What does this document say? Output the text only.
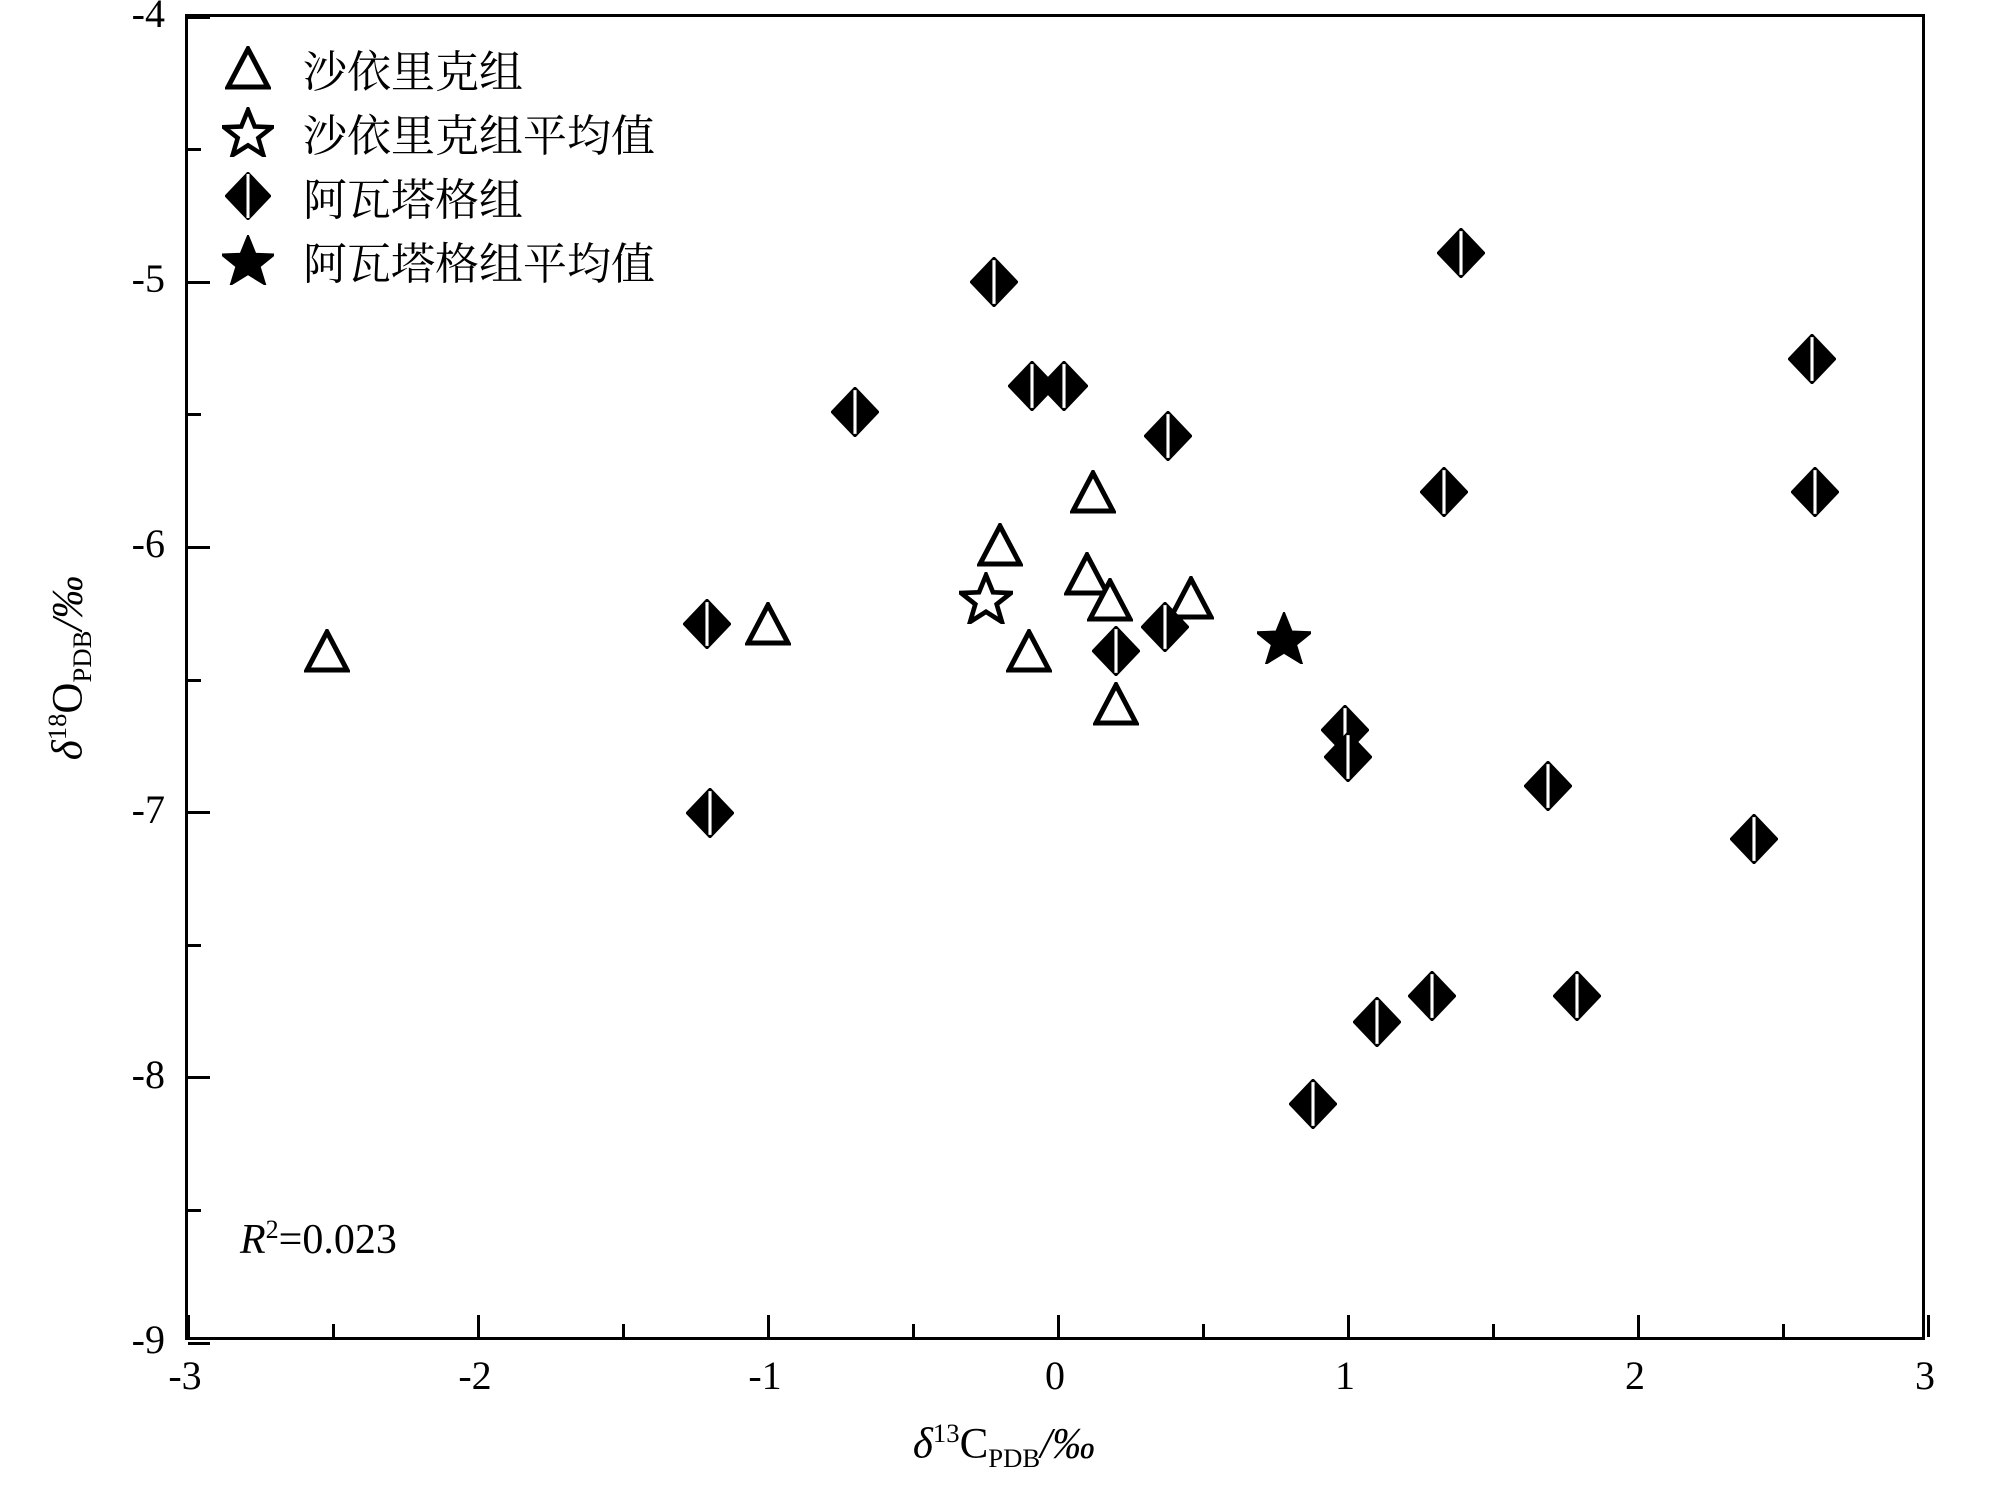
$\delta^{13}C_{PDB}/‰$
$\delta^{18}O_{PDB}/‰$
沙依里克组
沙依里克组平均值
阿瓦塔格组
阿瓦塔格组平均值
$R^2=0.023$
-9
-8
-7
-6
-5
-4
-3	-2	-1	0	1	2	3
